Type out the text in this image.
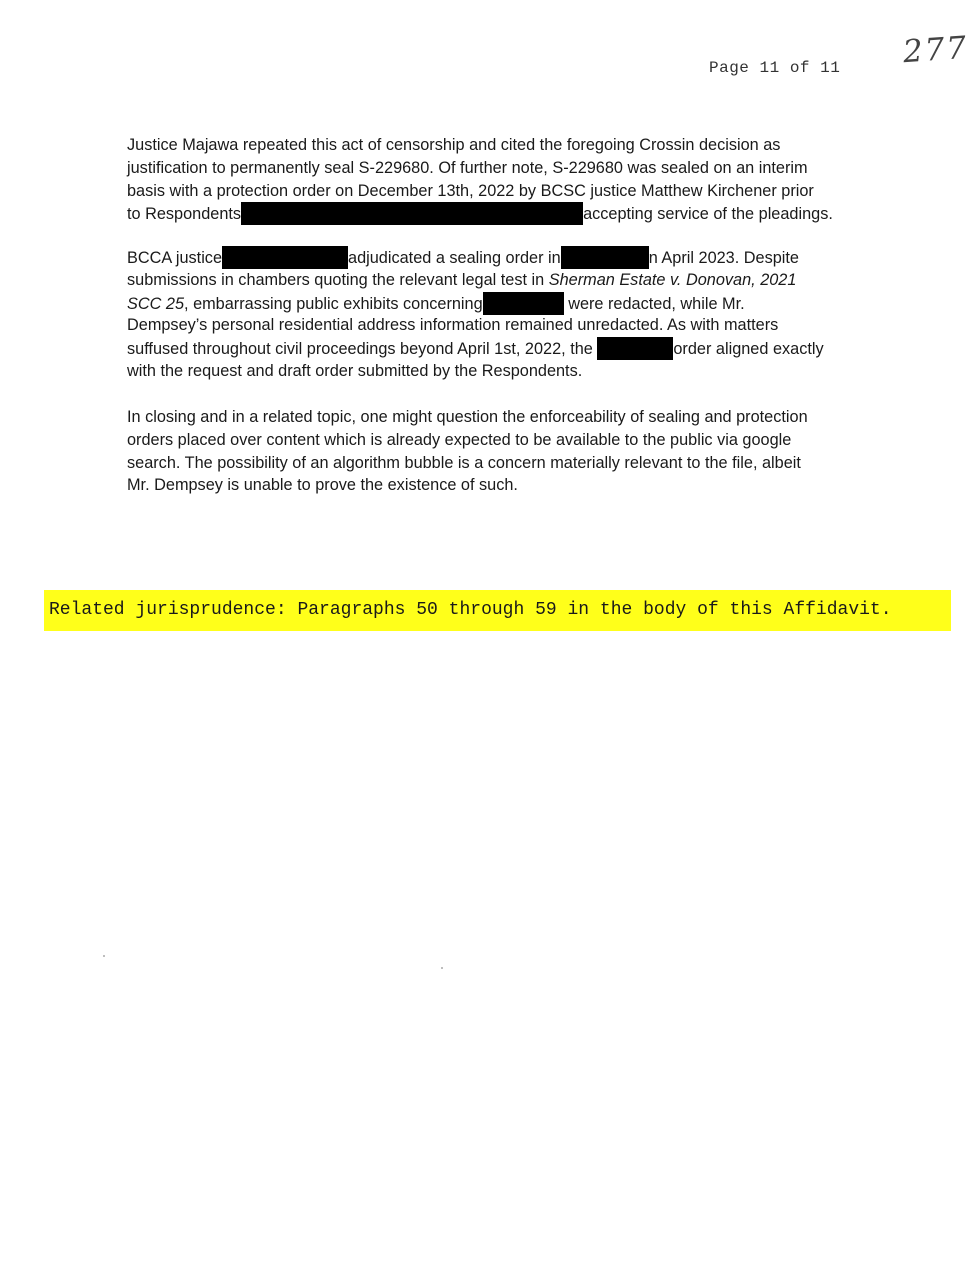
Page 11 of 11 277
Justice Majawa repeated this act of censorship and cited the foregoing Crossin decision as
justification to permanently seal S-229680. Of further note, S-229680 was sealed on an interim
basis with a protection order on December 13th, 2022 by BCSC justice Matthew Kirchener prior
to Respondents	accepting service of the pleadings.
BCCA justice	adjudicated a sealing order in	n April 2023. Despite
submissions in chambers quoting the relevant legal test in Sherman Estate v. Donovan, 2021
SCC 25, embarrassing public exhibits concerning	were redacted, while Mr.
Dempsey’s personal residential address information remained unredacted. As with matters
suffused throughout civil proceedings beyond April 1st, 2022, the	order aligned exactly
with the request and draft order submitted by the Respondents.
In closing and in a related topic, one might question the enforceability of sealing and protection
orders placed over content which is already expected to be available to the public via google
search. The possibility of an algorithm bubble is a concern materially relevant to the file, albeit
Mr. Dempsey is unable to prove the existence of such.
Related jurisprudence: Paragraphs 50 through 59 in the body of this Affidavit.
